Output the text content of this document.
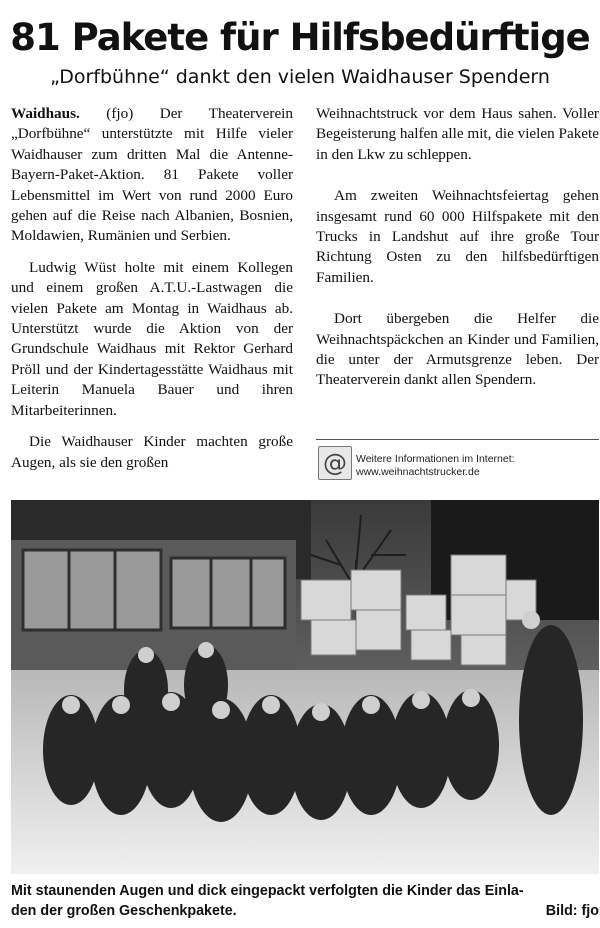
81 Pakete für Hilfsbedürftige
„Dorfbühne“ dankt den vielen Waidhauser Spendern

Waidhaus. (fjo) Der Theaterverein „Dorfbühne“ unterstützte mit Hilfe vieler Waidhauser zum dritten Mal die Antenne-Bayern-Paket-Aktion. 81 Pakete voller Lebensmittel im Wert von rund 2000 Euro gehen auf die Reise nach Albanien, Bosnien, Moldawien, Rumänien und Serbien.

Ludwig Wüst holte mit einem Kollegen und einem großen A.T.U.-Lastwagen die vielen Pakete am Montag in Waidhaus ab. Unterstützt wurde die Aktion von der Grundschule Waidhaus mit Rektor Gerhard Pröll und der Kindertagesstätte Waidhaus mit Leiterin Manuela Bauer und ihren Mitarbeiterinnen.

Die Waidhauser Kinder machten große Augen, als sie den großen

Weihnachtstruck vor dem Haus sahen. Voller Begeisterung halfen alle mit, die vielen Pakete in den Lkw zu schleppen.

Am zweiten Weihnachtsfeiertag gehen insgesamt rund 60 000 Hilfspakete mit den Trucks in Landshut auf ihre große Tour Richtung Osten zu den hilfsbedürftigen Familien.

Dort übergeben die Helfer die Weihnachtspäckchen an Kinder und Familien, die unter der Armutsgrenze leben. Der Theaterverein dankt allen Spendern.

@ Weitere Informationen im Internet:
www.weihnachtstrucker.de
Mit staunenden Augen und dick eingepackt verfolgten die Kinder das Einla-
den der großen Geschenkpakete.	Bild: fjo
